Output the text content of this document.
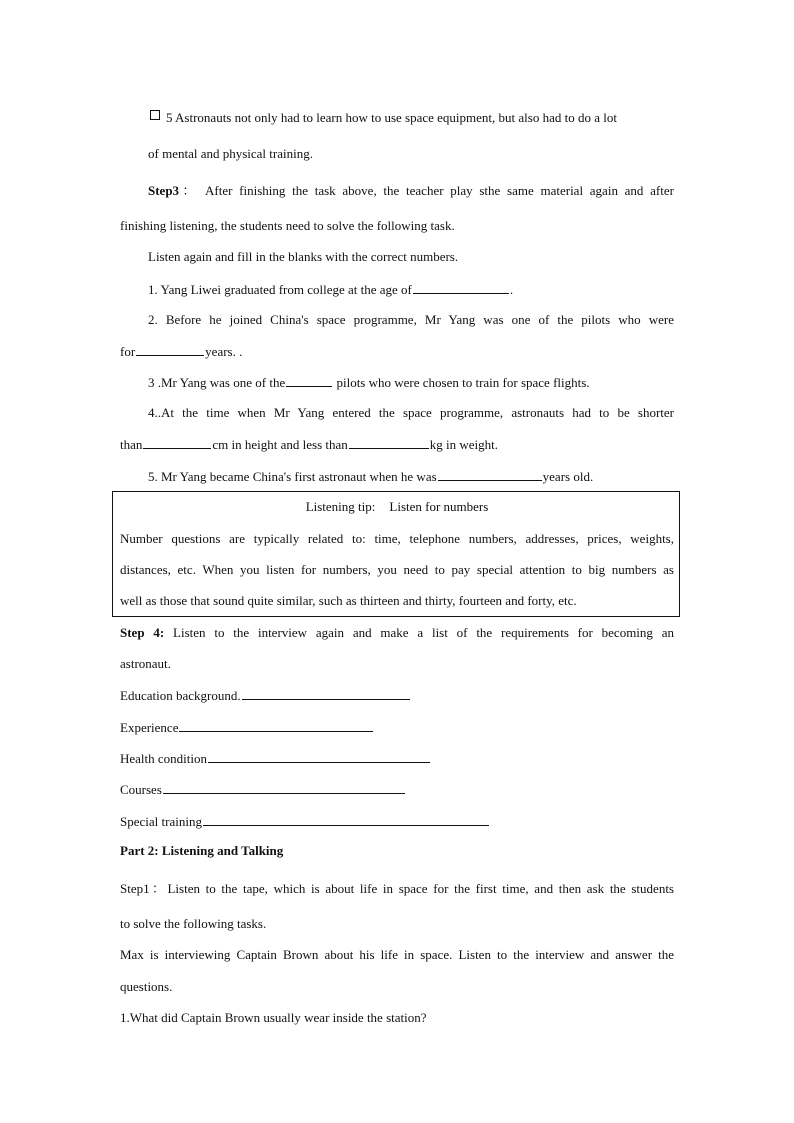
5 Astronauts not only had to learn how to use space equipment, but also had to do a lot
of mental and physical training.
Step3： After finishing the task above, the teacher play sthe same material again and after
finishing listening, the students need to solve the following task.
Listen again and fill in the blanks with the correct numbers.
1. Yang Liwei graduated from college at the age of	.
2. Before he joined China's space programme, Mr Yang was one of the pilots who were
for	years. .
3 .Mr Yang was one of the	pilots who were chosen to train for space flights.
4..At the time when Mr Yang entered the space programme, astronauts had to be shorter
than	cm in height and less than	kg in weight.
5. Mr Yang became China's first astronaut when he was	years old.
Listening tip: Listen for numbers
Number questions are typically related to: time, telephone numbers, addresses, prices, weights,
distances, etc. When you listen for numbers, you need to pay special attention to big numbers as
well as those that sound quite similar, such as thirteen and thirty, fourteen and forty, etc.
Step 4: Listen to the interview again and make a list of the requirements for becoming an
astronaut.
Education background.
Experience
Health condition
Courses
Special training
Part 2: Listening and Talking
Step1：Listen to the tape, which is about life in space for the first time, and then ask the students
to solve the following tasks.
Max is interviewing Captain Brown about his life in space. Listen to the interview and answer the
questions.
1.What did Captain Brown usually wear inside the station?
